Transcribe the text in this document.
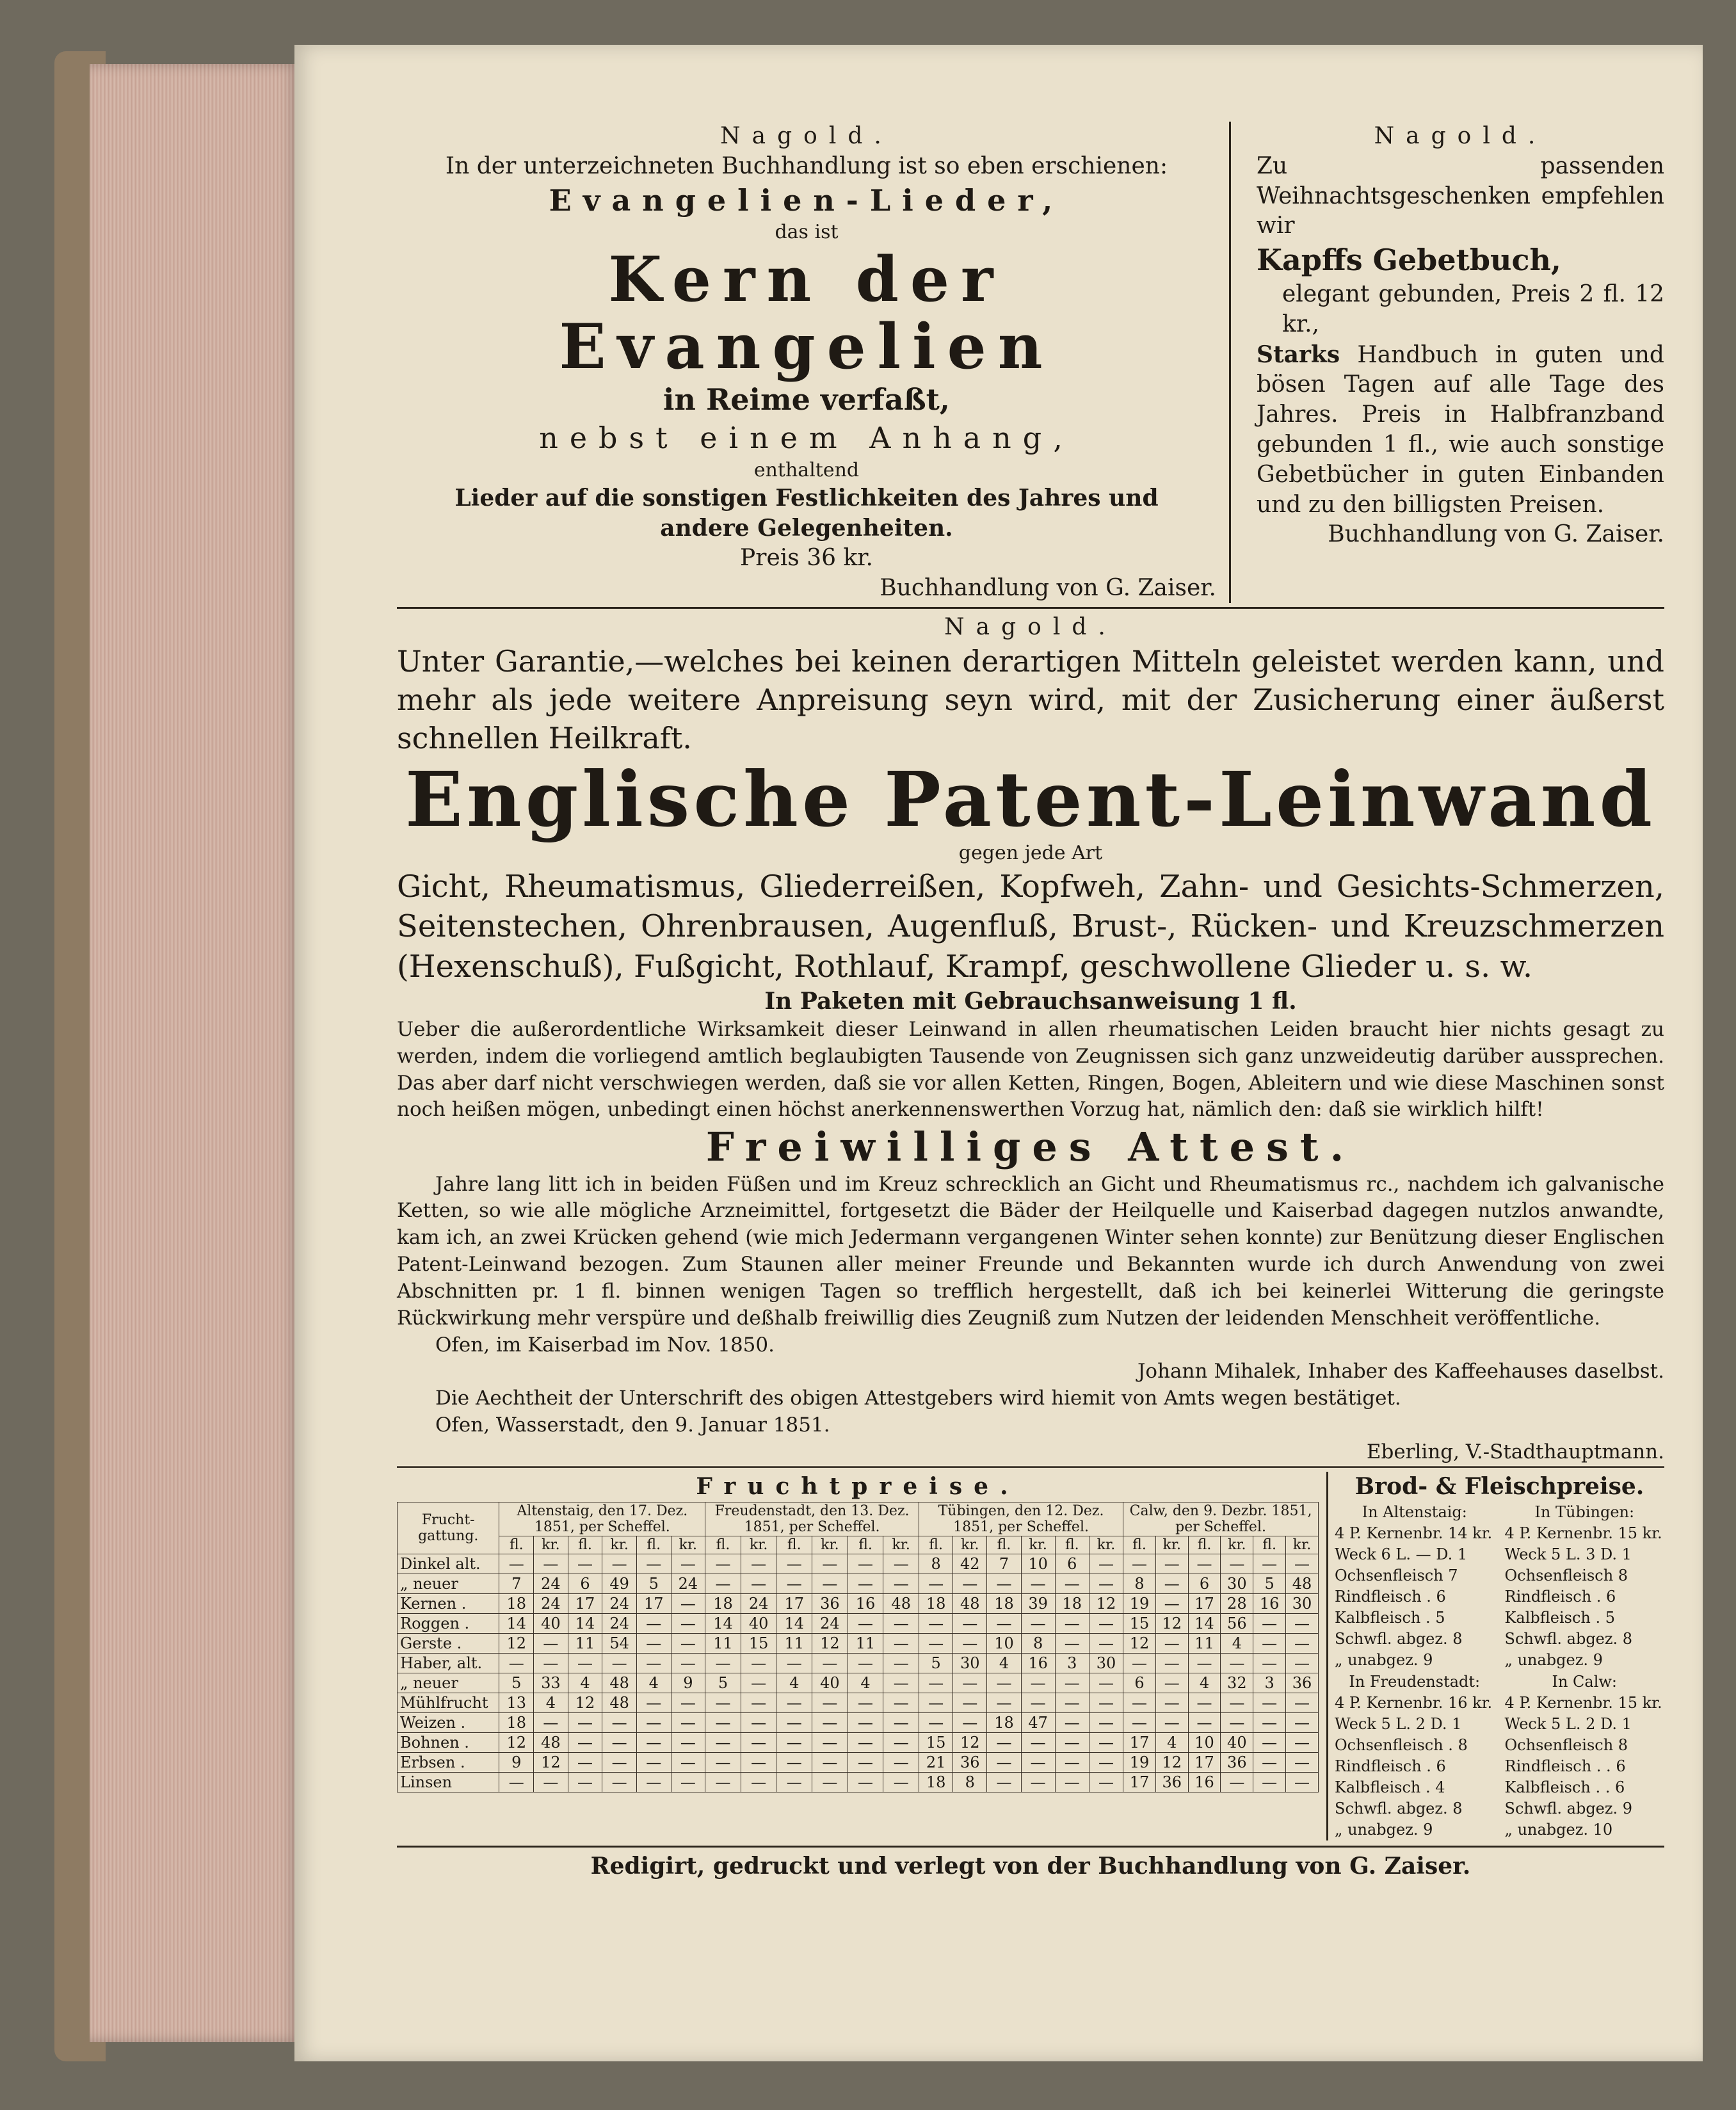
Nagold.

In der unterzeichneten Buchhandlung ist so eben erschienen:

Evangelien-Lieder,

das ist

Kern der Evangelien

in Reime verfaßt,

nebst einem Anhang,

enthaltend

Lieder auf die sonstigen Festlichkeiten des Jahres und

andere Gelegenheiten.

Preis 36 kr.

Buchhandlung von G. Zaiser.

Nagold.

Zu passenden Weihnachtsgeschenken empfehlen wir

Kapffs Gebetbuch,

elegant gebunden, Preis 2 fl. 12 kr.,

Starks Handbuch in guten und bösen Tagen auf alle Tage des Jahres. Preis in Halbfranzband gebunden 1 fl., wie auch sonstige Gebetbücher in guten Einbanden und zu den billigsten Preisen.

Buchhandlung von G. Zaiser.

Nagold.

Unter Garantie,—welches bei keinen derartigen Mitteln geleistet werden kann, und mehr als jede weitere Anpreisung seyn wird, mit der Zusicherung einer äußerst schnellen Heilkraft.

Englische Patent-Leinwand

gegen jede Art

Gicht, Rheumatismus, Gliederreißen, Kopfweh, Zahn- und Gesichts-Schmerzen, Seitenstechen, Ohrenbrausen, Augenfluß, Brust-, Rücken- und Kreuzschmerzen (Hexenschuß), Fußgicht, Rothlauf, Krampf, geschwollene Glieder u. s. w.

In Paketen mit Gebrauchsanweisung 1 fl.

Ueber die außerordentliche Wirksamkeit dieser Leinwand in allen rheumatischen Leiden braucht hier nichts gesagt zu werden, indem die vorliegend amtlich beglaubigten Tausende von Zeugnissen sich ganz unzweideutig darüber aussprechen. Das aber darf nicht verschwiegen werden, daß sie vor allen Ketten, Ringen, Bogen, Ableitern und wie diese Maschinen sonst noch heißen mögen, unbedingt einen höchst anerkennenswerthen Vorzug hat, nämlich den: daß sie wirklich hilft!

Freiwilliges Attest.

Jahre lang litt ich in beiden Füßen und im Kreuz schrecklich an Gicht und Rheumatismus rc., nachdem ich galvanische Ketten, so wie alle mögliche Arzneimittel, fortgesetzt die Bäder der Heilquelle und Kaiserbad dagegen nutzlos anwandte, kam ich, an zwei Krücken gehend (wie mich Jedermann vergangenen Winter sehen konnte) zur Benützung dieser Englischen Patent-Leinwand bezogen. Zum Staunen aller meiner Freunde und Bekannten wurde ich durch Anwendung von zwei Abschnitten pr. 1 fl. binnen wenigen Tagen so trefflich hergestellt, daß ich bei keinerlei Witterung die geringste Rückwirkung mehr verspüre und deßhalb freiwillig dies Zeugniß zum Nutzen der leidenden Menschheit veröffentliche.

Ofen, im Kaiserbad im Nov. 1850.

Johann Mihalek, Inhaber des Kaffeehauses daselbst.

Die Aechtheit der Unterschrift des obigen Attestgebers wird hiemit von Amts wegen bestätiget.

Ofen, Wasserstadt, den 9. Januar 1851.

Eberling, V.-Stadthauptmann.

Fruchtpreise.

Frucht-gattung.	Altenstaig, den 17. Dez. 1851, per Scheffel.						Freudenstadt, den 13. Dez. 1851, per Scheffel.						Tübingen, den 12. Dez. 1851, per Scheffel.						Calw, den 9. Dezbr. 1851, per Scheffel.					
	fl.	kr.	fl.	kr.	fl.	kr.	fl.	kr.	fl.	kr.	fl.	kr.	fl.	kr.	fl.	kr.	fl.	kr.	fl.	kr.	fl.	kr.	fl.	kr.
Dinkel alt.	—	—	—	—	—	—	—	—	—	—	—	—	8	42	7	10	6	—	—	—	—	—	—	—
„ neuer	7	24	6	49	5	24	—	—	—	—	—	—	—	—	—	—	—	—	8	—	6	30	5	48
Kernen .	18	24	17	24	17	—	18	24	17	36	16	48	18	48	18	39	18	12	19	—	17	28	16	30
Roggen .	14	40	14	24	—	—	14	40	14	24	—	—	—	—	—	—	—	—	15	12	14	56	—	—
Gerste .	12	—	11	54	—	—	11	15	11	12	11	—	—	—	10	8	—	—	12	—	11	4	—	—
Haber, alt.	—	—	—	—	—	—	—	—	—	—	—	—	5	30	4	16	3	30	—	—	—	—	—	—
„ neuer	5	33	4	48	4	9	5	—	4	40	4	—	—	—	—	—	—	—	6	—	4	32	3	36
Mühlfrucht	13	4	12	48	—	—	—	—	—	—	—	—	—	—	—	—	—	—	—	—	—	—	—	—
Weizen .	18	—	—	—	—	—	—	—	—	—	—	—	—	—	18	47	—	—	—	—	—	—	—	—
Bohnen .	12	48	—	—	—	—	—	—	—	—	—	—	15	12	—	—	—	—	17	4	10	40	—	—
Erbsen .	9	12	—	—	—	—	—	—	—	—	—	—	21	36	—	—	—	—	19	12	17	36	—	—
Linsen	—	—	—	—	—	—	—	—	—	—	—	—	18	8	—	—	—	—	17	36	16	—	—	—

Brod- & Fleischpreise.

In Altenstaig:

4 P. Kernenbr. 14 kr.

Weck 6 L. — D. 1

Ochsenfleisch 7

Rindfleisch . 6

Kalbfleisch . 5

Schwfl. abgez. 8

„ unabgez. 9

In Freudenstadt:

4 P. Kernenbr. 16 kr.

Weck 5 L. 2 D. 1

Ochsenfleisch . 8

Rindfleisch . 6

Kalbfleisch . 4

Schwfl. abgez. 8

„ unabgez. 9

In Tübingen:

4 P. Kernenbr. 15 kr.

Weck 5 L. 3 D. 1

Ochsenfleisch 8

Rindfleisch . 6

Kalbfleisch . 5

Schwfl. abgez. 8

„ unabgez. 9

In Calw:

4 P. Kernenbr. 15 kr.

Weck 5 L. 2 D. 1

Ochsenfleisch 8

Rindfleisch . . 6

Kalbfleisch . . 6

Schwfl. abgez. 9

„ unabgez. 10

Redigirt, gedruckt und verlegt von der Buchhandlung von G. Zaiser.
